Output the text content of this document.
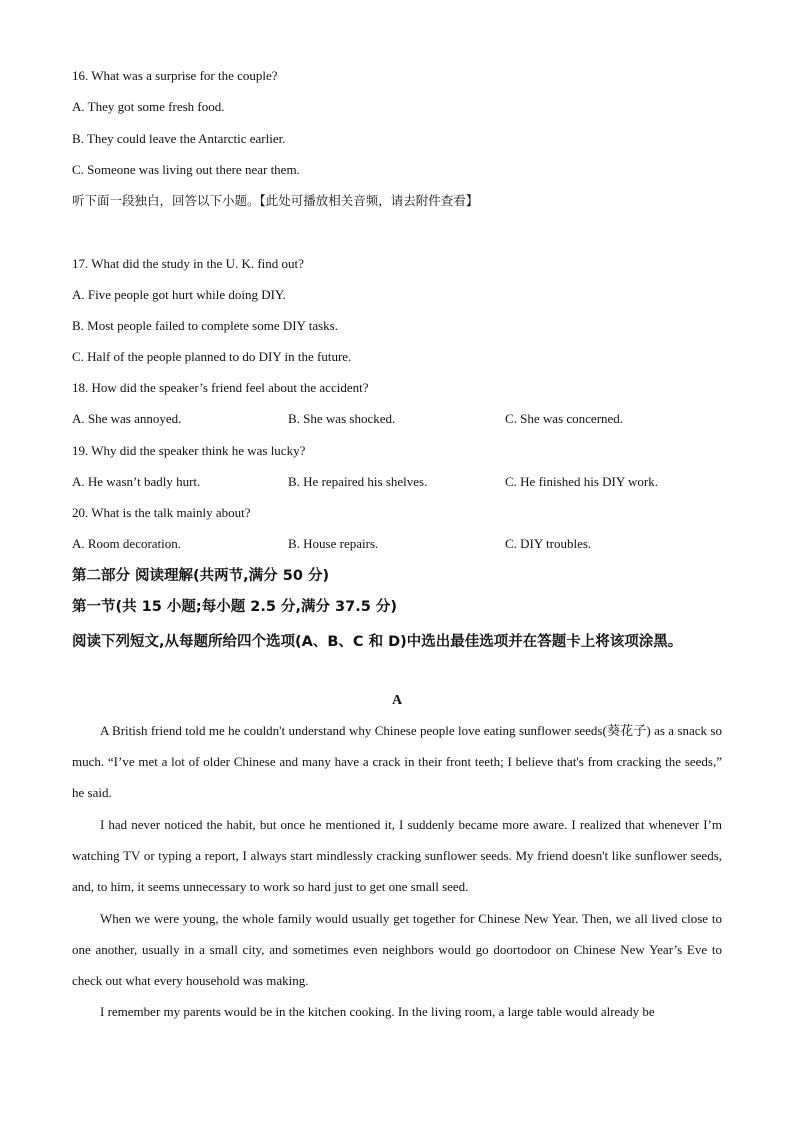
16. What was a surprise for the couple?
A. They got some fresh food.
B. They could leave the Antarctic earlier.
C. Someone was living out there near them.
听下面一段独白，回答以下小题。【此处可播放相关音频，请去附件查看】
17. What did the study in the U. K. find out?
A. Five people got hurt while doing DIY.
B. Most people failed to complete some DIY tasks.
C. Half of the people planned to do DIY in the future.
18. How did the speaker’s friend feel about the accident?
A. She was annoyed.	B. She was shocked.	C. She was concerned.
19. Why did the speaker think he was lucky?
A. He wasn’t badly hurt.	B. He repaired his shelves.	C. He finished his DIY work.
20. What is the talk mainly about?
A. Room decoration.	B. House repairs.	C. DIY troubles.
第二部分 阅读理解(共两节,满分 50 分)
第一节(共 15 小题;每小题 2.5 分,满分 37.5 分)
阅读下列短文,从每题所给四个选项(A、B、C 和 D)中选出最佳选项并在答题卡上将该项涂黑。
A
A British friend told me he couldn't understand why Chinese people love eating sunflower seeds(葵花子) as a snack so much. “I’ve met a lot of older Chinese and many have a crack in their front teeth; I believe that's from cracking the seeds,” he said.
I had never noticed the habit, but once he mentioned it, I suddenly became more aware. I realized that whenever I’m watching TV or typing a report, I always start mindlessly cracking sunflower seeds. My friend doesn't like sunflower seeds, and, to him, it seems unnecessary to work so hard just to get one small seed.
When we were young, the whole family would usually get together for Chinese New Year. Then, we all lived close to one another, usually in a small city, and sometimes even neighbors would go doortodoor on Chinese New Year’s Eve to check out what every household was making.
I remember my parents would be in the kitchen cooking. In the living room, a large table would already be
